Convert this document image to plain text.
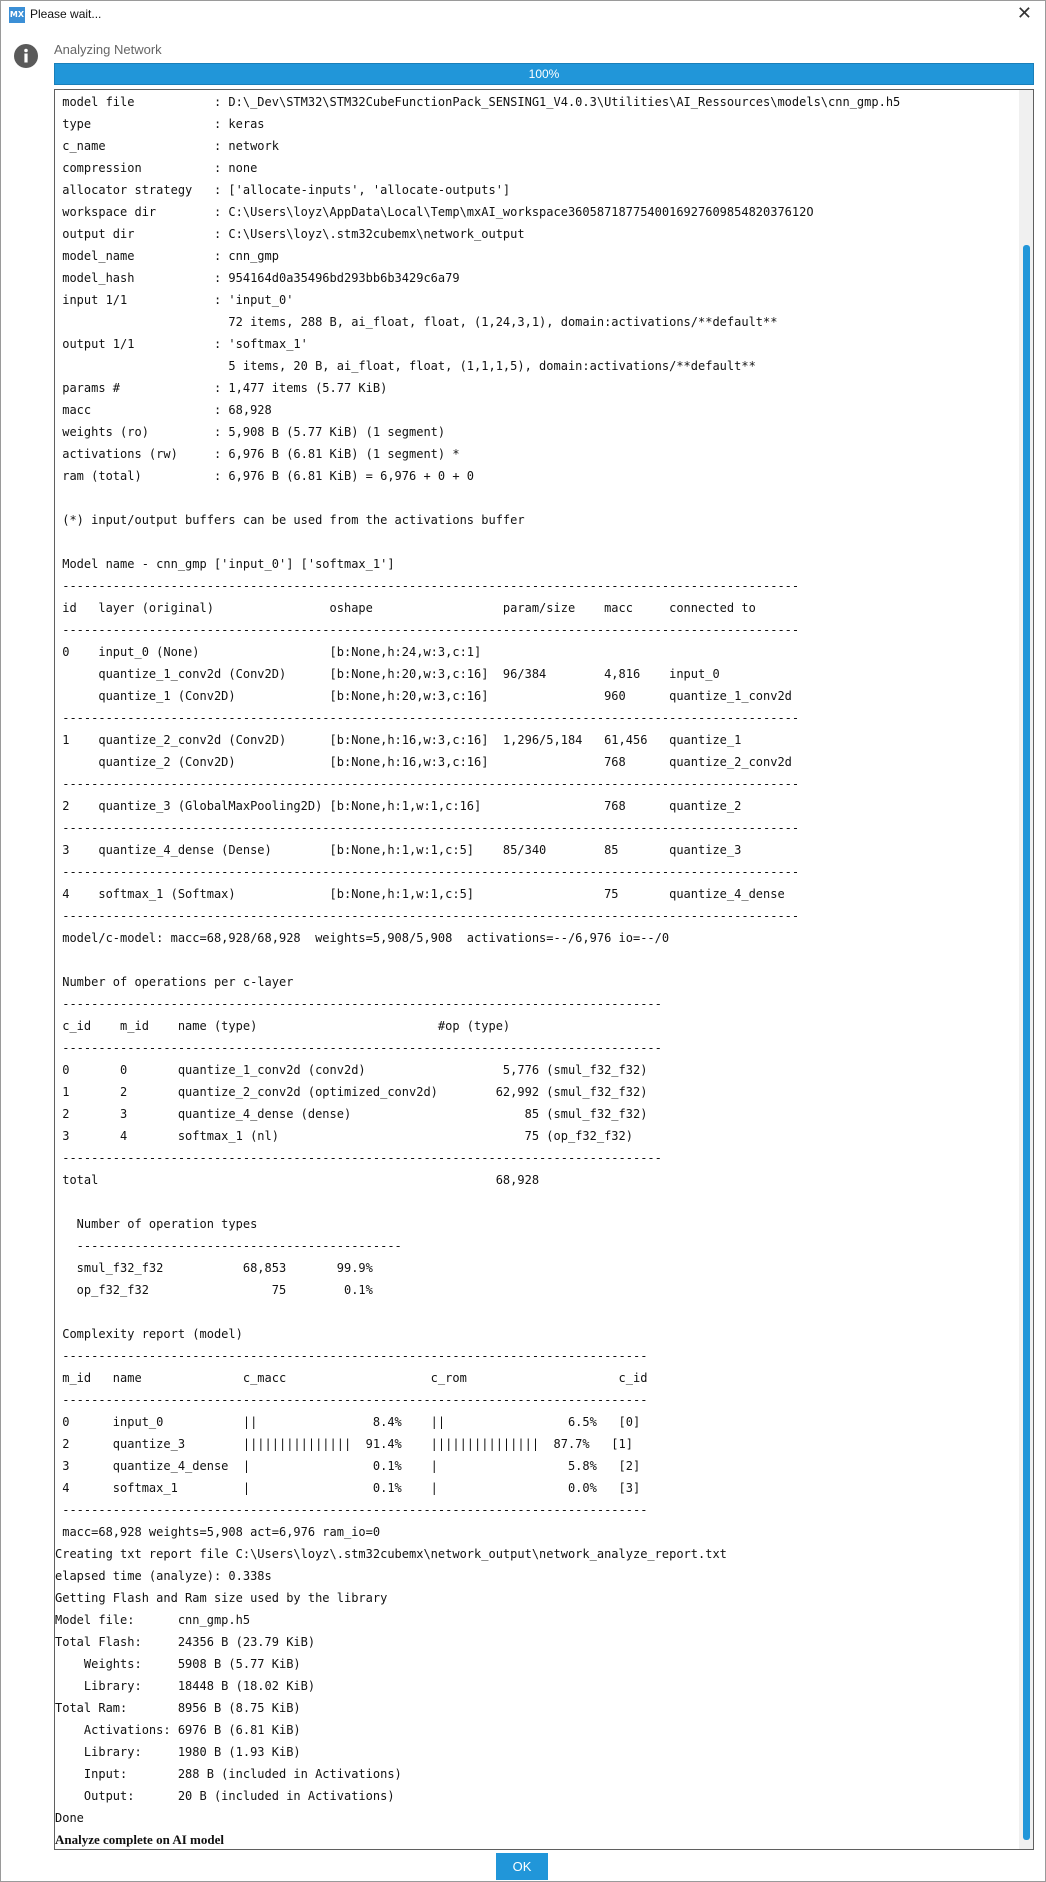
MX Please wait...	✕
Analyzing Network
100%
model file           : D:\_Dev\STM32\STM32CubeFunctionPack_SENSING1_V4.0.3\Utilities\AI_Ressources\models\cnn_gmp.h5
type                 : keras
c_name               : network
compression          : none
allocator strategy   : ['allocate-inputs', 'allocate-outputs']
workspace dir        : C:\Users\loyz\AppData\Local\Temp\mxAI_workspace360587187754001692760985482037612O
output dir           : C:\Users\loyz\.stm32cubemx\network_output
model_name           : cnn_gmp
model_hash           : 954164d0a35496bd293bb6b3429c6a79
input 1/1            : 'input_0'
72 items, 288 B, ai_float, float, (1,24,3,1), domain:activations/**default**
output 1/1           : 'softmax_1'
5 items, 20 B, ai_float, float, (1,1,1,5), domain:activations/**default**
params #             : 1,477 items (5.77 KiB)
macc                 : 68,928
weights (ro)         : 5,908 B (5.77 KiB) (1 segment)
activations (rw)     : 6,976 B (6.81 KiB) (1 segment) *
ram (total)          : 6,976 B (6.81 KiB) = 6,976 + 0 + 0
(*) input/output buffers can be used from the activations buffer
Model name - cnn_gmp ['input_0'] ['softmax_1']
------------------------------------------------------------------------------------------------------
id   layer (original)                oshape                  param/size    macc     connected to
------------------------------------------------------------------------------------------------------
0    input_0 (None)                  [b:None,h:24,w:3,c:1]
quantize_1_conv2d (Conv2D)      [b:None,h:20,w:3,c:16]  96/384        4,816    input_0
quantize_1 (Conv2D)             [b:None,h:20,w:3,c:16]                960      quantize_1_conv2d
------------------------------------------------------------------------------------------------------
1    quantize_2_conv2d (Conv2D)      [b:None,h:16,w:3,c:16]  1,296/5,184   61,456   quantize_1
quantize_2 (Conv2D)             [b:None,h:16,w:3,c:16]                768      quantize_2_conv2d
------------------------------------------------------------------------------------------------------
2    quantize_3 (GlobalMaxPooling2D) [b:None,h:1,w:1,c:16]                 768      quantize_2
------------------------------------------------------------------------------------------------------
3    quantize_4_dense (Dense)        [b:None,h:1,w:1,c:5]    85/340        85       quantize_3
------------------------------------------------------------------------------------------------------
4    softmax_1 (Softmax)             [b:None,h:1,w:1,c:5]                  75       quantize_4_dense
------------------------------------------------------------------------------------------------------
model/c-model: macc=68,928/68,928  weights=5,908/5,908  activations=--/6,976 io=--/0
Number of operations per c-layer
-----------------------------------------------------------------------------------
c_id    m_id    name (type)                         #op (type)
-----------------------------------------------------------------------------------
0       0       quantize_1_conv2d (conv2d)                   5,776 (smul_f32_f32)
1       2       quantize_2_conv2d (optimized_conv2d)        62,992 (smul_f32_f32)
2       3       quantize_4_dense (dense)                        85 (smul_f32_f32)
3       4       softmax_1 (nl)                                  75 (op_f32_f32)
-----------------------------------------------------------------------------------
total                                                       68,928
Number of operation types
---------------------------------------------
smul_f32_f32           68,853       99.9%
op_f32_f32                 75        0.1%
Complexity report (model)
---------------------------------------------------------------------------------
m_id   name              c_macc                    c_rom                     c_id
---------------------------------------------------------------------------------
0      input_0           ||                8.4%    ||                 6.5%   [0]
2      quantize_3        |||||||||||||||  91.4%    |||||||||||||||  87.7%   [1]
3      quantize_4_dense  |                 0.1%    |                  5.8%   [2]
4      softmax_1         |                 0.1%    |                  0.0%   [3]
---------------------------------------------------------------------------------
macc=68,928 weights=5,908 act=6,976 ram_io=0
Creating txt report file C:\Users\loyz\.stm32cubemx\network_output\network_analyze_report.txt
elapsed time (analyze): 0.338s
Getting Flash and Ram size used by the library
Model file:      cnn_gmp.h5
Total Flash:     24356 B (23.79 KiB)
Weights:     5908 B (5.77 KiB)
Library:     18448 B (18.02 KiB)
Total Ram:       8956 B (8.75 KiB)
Activations: 6976 B (6.81 KiB)
Library:     1980 B (1.93 KiB)
Input:       288 B (included in Activations)
Output:      20 B (included in Activations)
Done
Analyze complete on AI model
OK
